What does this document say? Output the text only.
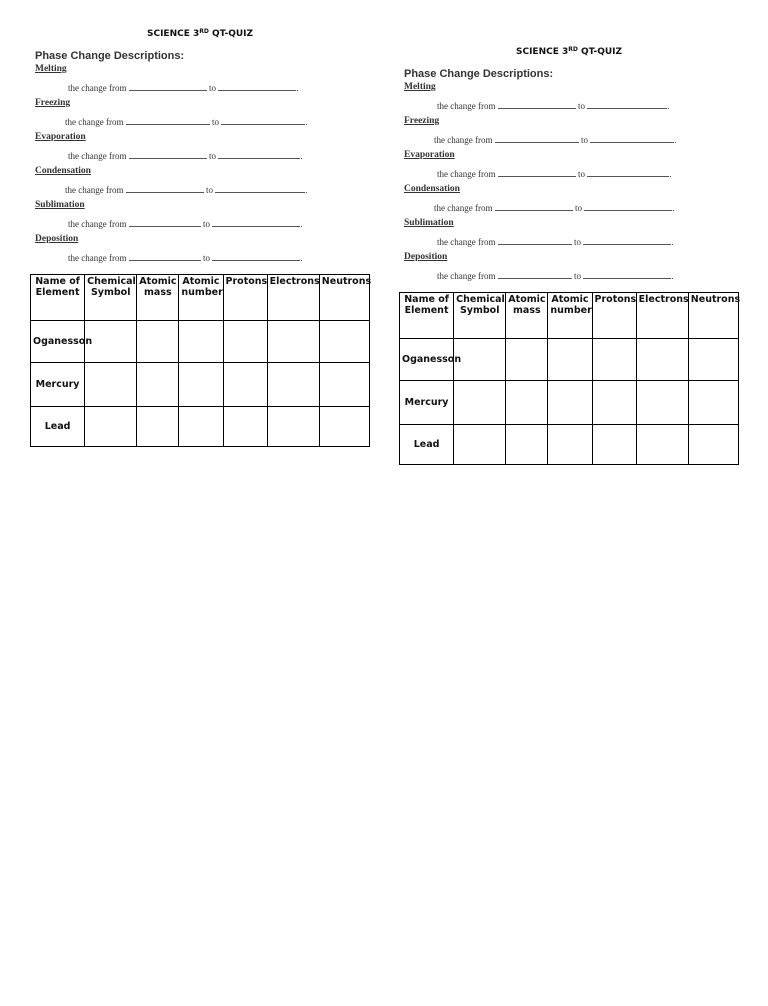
SCIENCE 3RD QT-QUIZ
Phase Change Descriptions:
Melting
the change from	to	.
Freezing
the change from	to	.
Evaporation
the change from	to	.
Condensation
the change from	to	.
Sublimation
the change from	to	.
Deposition
the change from	to	.
Name of Element	Chemical Symbol	Atomic mass	Atomic number	Protons	Electrons	Neutrons
Oganesson						
Mercury						
Lead						
SCIENCE 3RD QT-QUIZ
Phase Change Descriptions:
Melting
the change from	to	.
Freezing
the change from	to	.
Evaporation
the change from	to	.
Condensation
the change from	to	.
Sublimation
the change from	to	.
Deposition
the change from	to	.
Name of Element	Chemical Symbol	Atomic mass	Atomic number	Protons	Electrons	Neutrons
Oganesson						
Mercury						
Lead						
